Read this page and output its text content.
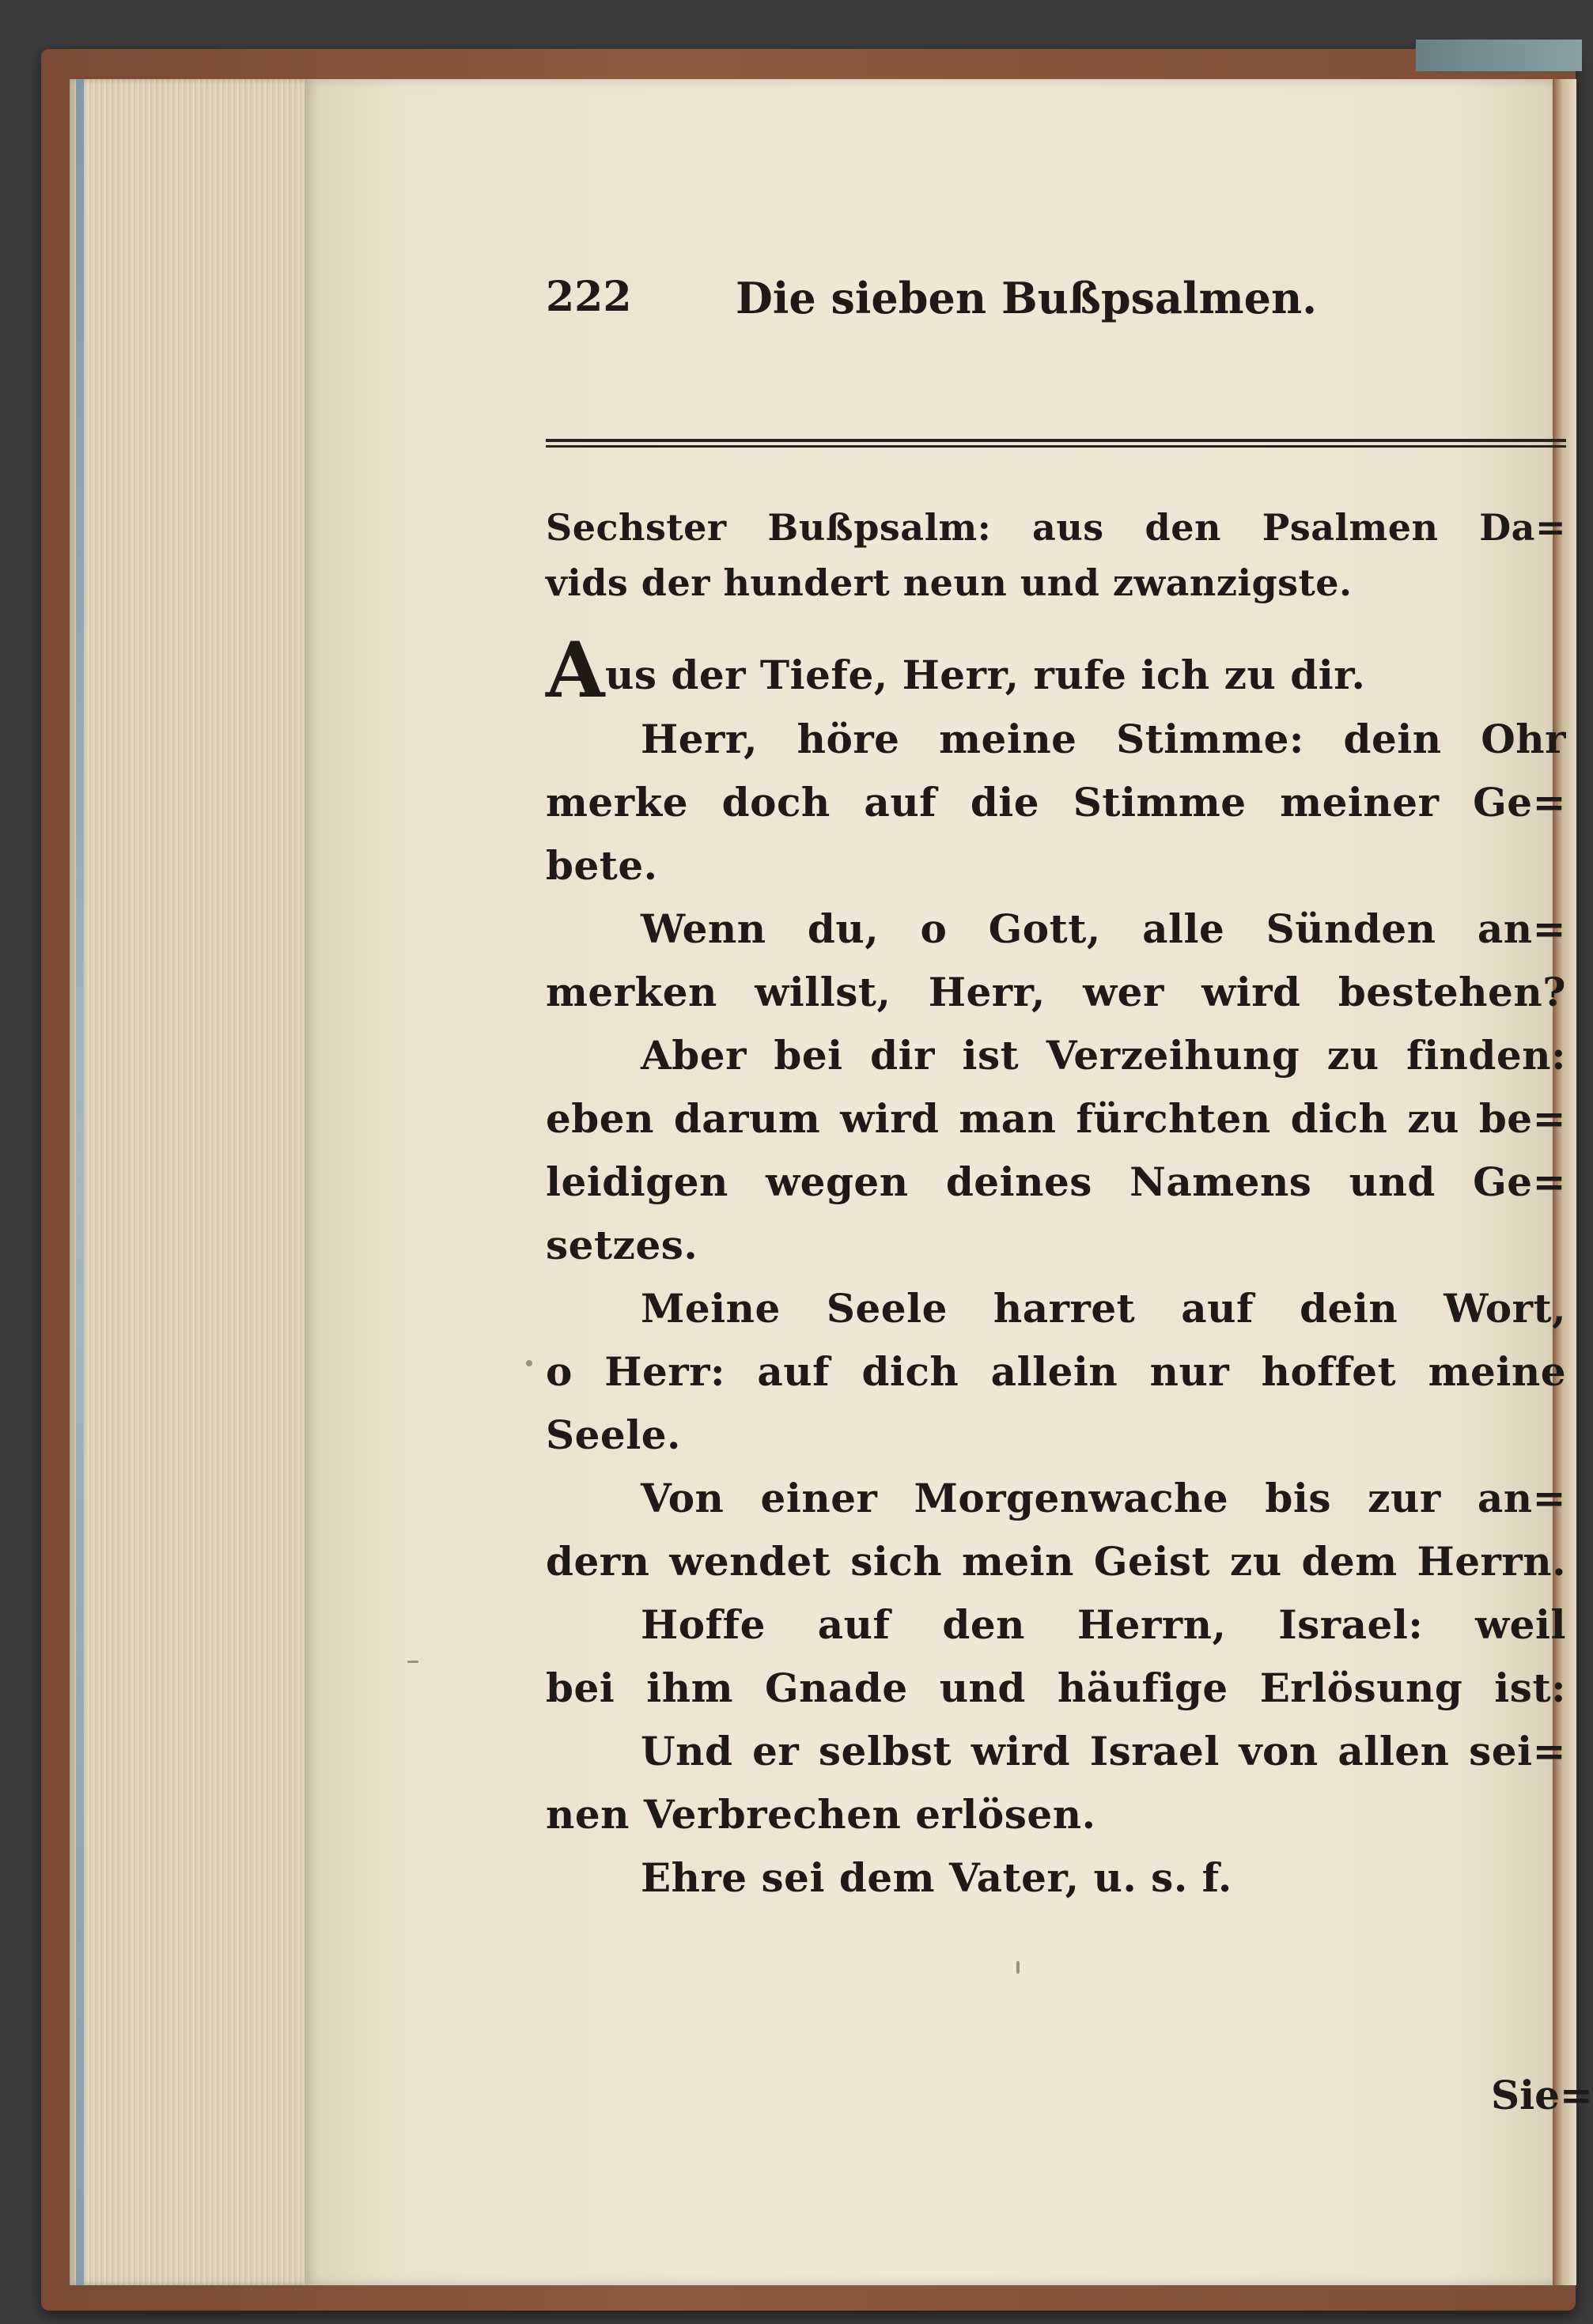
222 Die sieben Bußpsalmen.
Sechster Bußpsalm: aus den Psalmen Da=
vids der hundert neun und zwanzigste.
Aus der Tiefe, Herr, rufe ich zu dir.
Herr, höre meine Stimme: dein Ohr
merke doch auf die Stimme meiner Ge=
bete.
Wenn du, o Gott, alle Sünden an=
merken willst, Herr, wer wird bestehen?
Aber bei dir ist Verzeihung zu finden:
eben darum wird man fürchten dich zu be=
leidigen wegen deines Namens und Ge=
setzes.
Meine Seele harret auf dein Wort,
o Herr: auf dich allein nur hoffet meine
Seele.
Von einer Morgenwache bis zur an=
dern wendet sich mein Geist zu dem Herrn.
Hoffe auf den Herrn, Israel: weil
bei ihm Gnade und häufige Erlösung ist:
Und er selbst wird Israel von allen sei=
nen Verbrechen erlösen.
Ehre sei dem Vater, u. s. f.
Sie=
